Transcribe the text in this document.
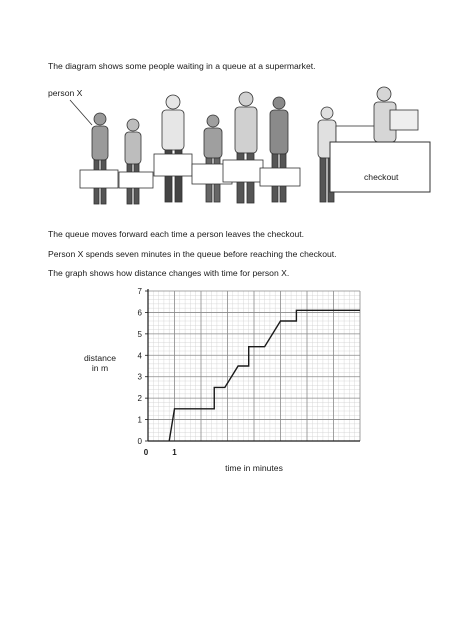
The diagram shows some people waiting in a queue at a supermarket.
person X
checkout
The queue moves forward each time a person leaves the checkout.
Person X spends seven minutes in the queue before reaching the checkout.
The graph shows how distance changes with time for person X.
0
1
2
3
4
5
6
7
0	1
distance
in m
time in minutes
